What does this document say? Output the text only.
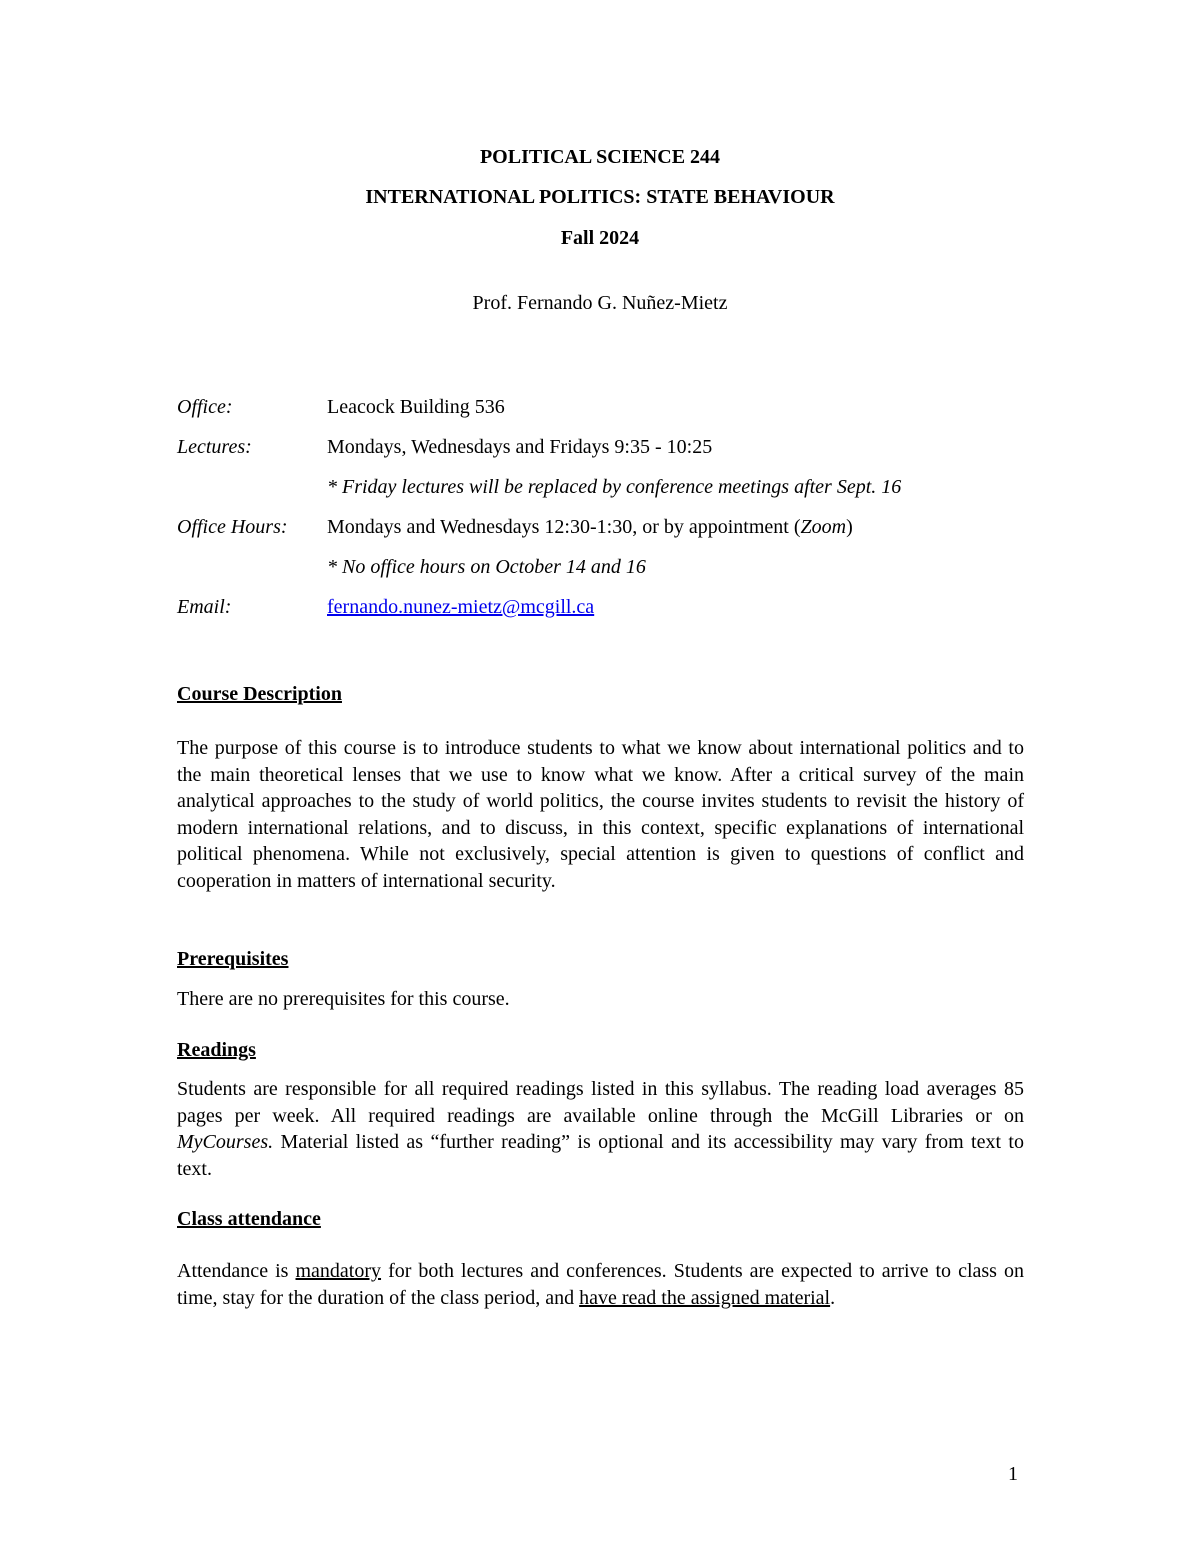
POLITICAL SCIENCE 244
INTERNATIONAL POLITICS: STATE BEHAVIOUR
Fall 2024
Prof. Fernando G. Nuñez-Mietz
Office:	Leacock Building 536
Lectures:	Mondays, Wednesdays and Fridays 9:35 - 10:25
* Friday lectures will be replaced by conference meetings after Sept. 16
Office Hours: Mondays and Wednesdays 12:30-1:30, or by appointment (Zoom)
* No office hours on October 14 and 16
Email:	fernando.nunez-mietz@mcgill.ca
Course Description
The purpose of this course is to introduce students to what we know about international politics and to the main theoretical lenses that we use to know what we know. After a critical survey of the main analytical approaches to the study of world politics, the course invites students to revisit the history of modern international relations, and to discuss, in this context, specific explanations of international political phenomena. While not exclusively, special attention is given to questions of conflict and cooperation in matters of international security.
Prerequisites
There are no prerequisites for this course.
Readings
Students are responsible for all required readings listed in this syllabus. The reading load averages 85 pages per week. All required readings are available online through the McGill Libraries or on MyCourses. Material listed as “further reading” is optional and its accessibility may vary from text to text.
Class attendance
Attendance is mandatory for both lectures and conferences. Students are expected to arrive to class on time, stay for the duration of the class period, and have read the assigned material.
1
